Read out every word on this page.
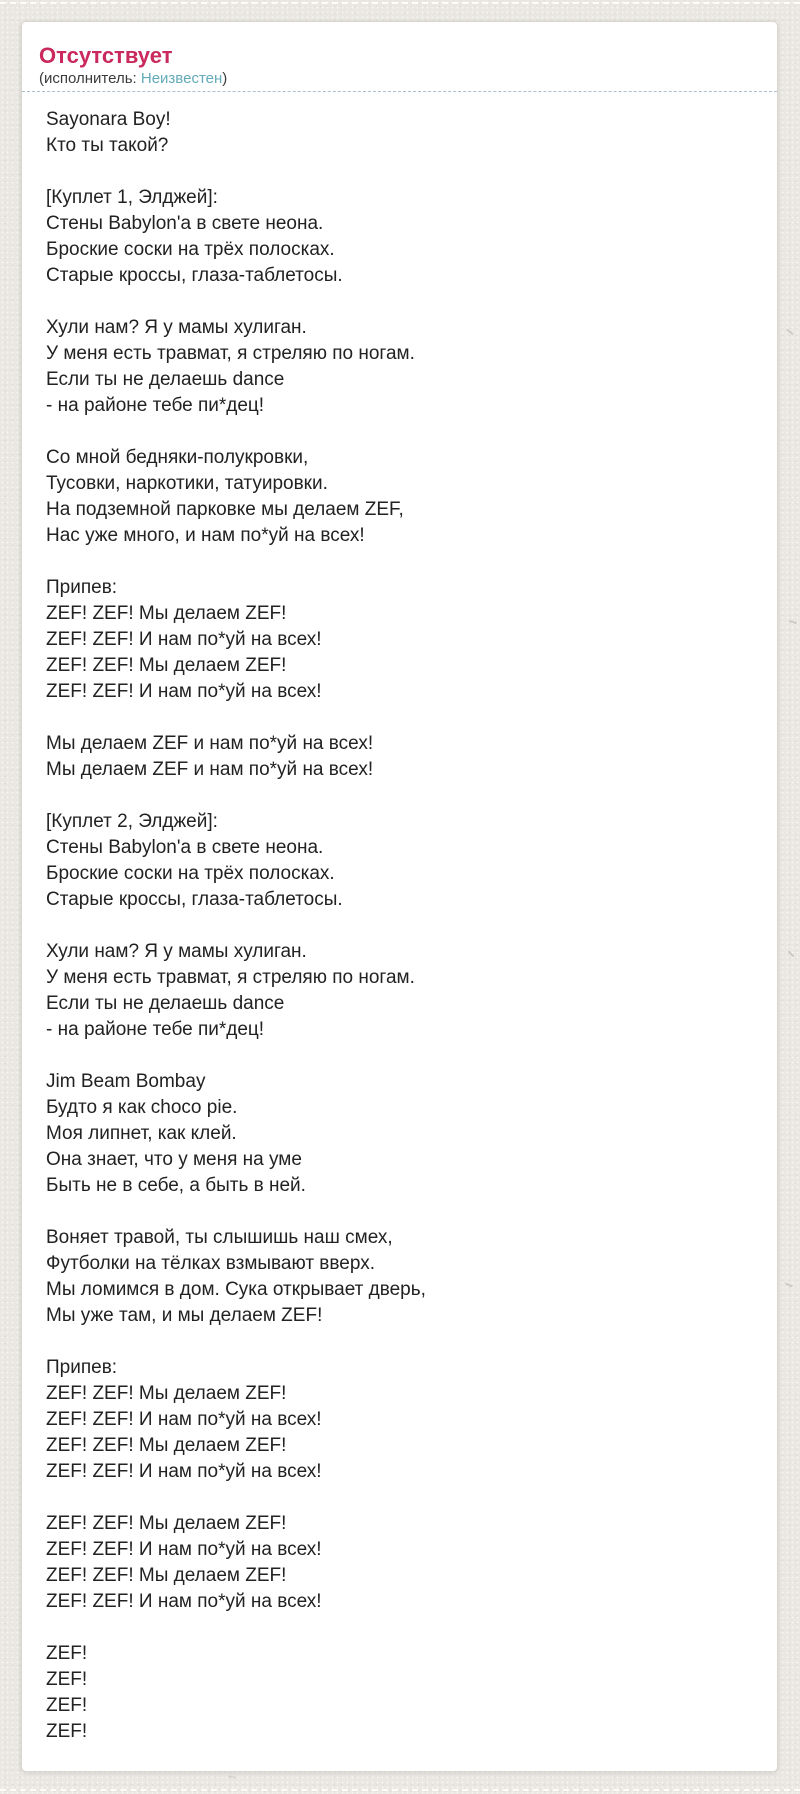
Отсутствует
(исполнитель: Неизвестен)

Sayonara Boy!
Кто ты такой?

[Куплет 1, Элджей]:
Стены Babylon'a в свете неона.
Броские соски на трёх полосках.
Старые кроссы, глаза-таблетосы.

Хули нам? Я у мамы хулиган.
У меня есть травмат, я стреляю по ногам.
Если ты не делаешь dance
- на районе тебе пи*дец!

Со мной бедняки-полукровки,
Тусовки, наркотики, татуировки.
На подземной парковке мы делаем ZEF,
Нас уже много, и нам по*уй на всех!

Припев:
ZEF! ZEF! Мы делаем ZEF!
ZEF! ZEF! И нам по*уй на всех!
ZEF! ZEF! Мы делаем ZEF!
ZEF! ZEF! И нам по*уй на всех!

Мы делаем ZEF и нам по*уй на всех!
Мы делаем ZEF и нам по*уй на всех!

[Куплет 2, Элджей]:
Стены Babylon'a в свете неона.
Броские соски на трёх полосках.
Старые кроссы, глаза-таблетосы.

Хули нам? Я у мамы хулиган.
У меня есть травмат, я стреляю по ногам.
Если ты не делаешь dance
- на районе тебе пи*дец!

Jim Beam Bombay
Будто я как choco pie.
Моя липнет, как клей.
Она знает, что у меня на уме
Быть не в себе, а быть в ней.

Воняет травой, ты слышишь наш смех,
Футболки на тёлках взмывают вверх.
Мы ломимся в дом. Сука открывает дверь,
Мы уже там, и мы делаем ZEF!

Припев:
ZEF! ZEF! Мы делаем ZEF!
ZEF! ZEF! И нам по*уй на всех!
ZEF! ZEF! Мы делаем ZEF!
ZEF! ZEF! И нам по*уй на всех!

ZEF! ZEF! Мы делаем ZEF!
ZEF! ZEF! И нам по*уй на всех!
ZEF! ZEF! Мы делаем ZEF!
ZEF! ZEF! И нам по*уй на всех!

ZEF!
ZEF!
ZEF!
ZEF!
